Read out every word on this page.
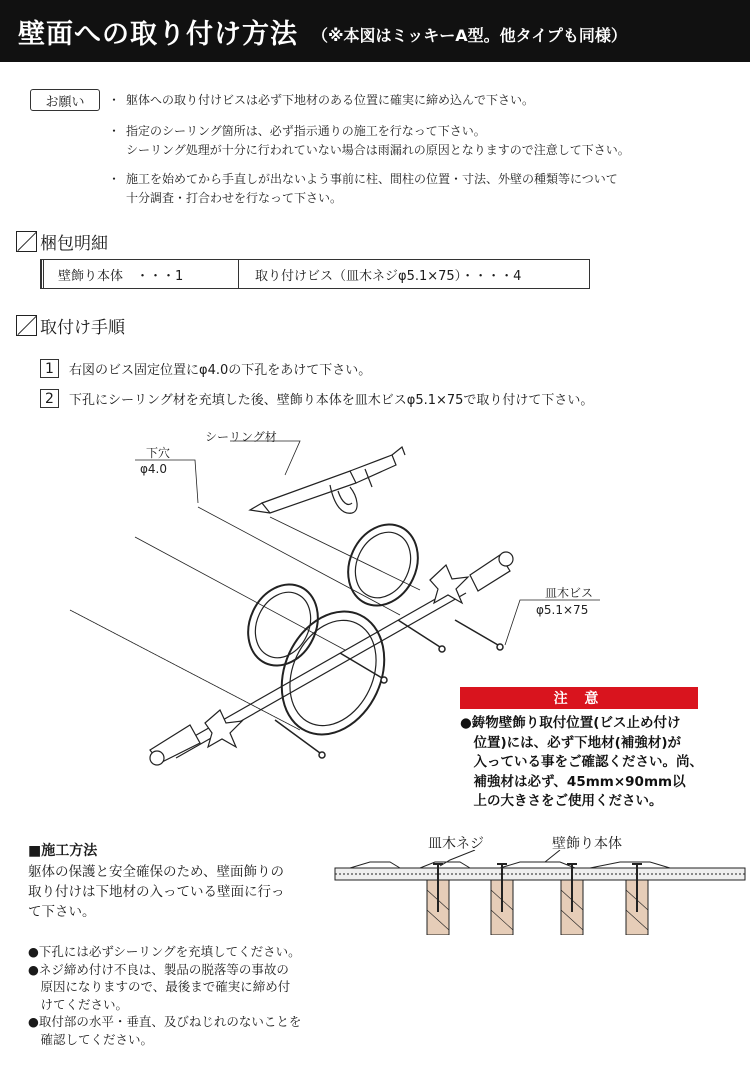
壁面への取り付け方法 （※本図はミッキーA型。他タイプも同様）
お願い	・ 躯体への取り付けビスは必ず下地材のある位置に確実に締め込んで下さい。
・ 指定のシーリング箇所は、必ず指示通りの施工を行なって下さい。
シーリング処理が十分に行われていない場合は雨漏れの原因となりますので注意して下さい。
・ 施工を始めてから手直しが出ないよう事前に柱、間柱の位置・寸法、外壁の種類等について
十分調査・打合わせを行なって下さい。
梱包明細
壁飾り本体　・・・1	取り付けビス（皿木ネジφ5.1×75）・・・・4
取付け手順
1	右図のビス固定位置にφ4.0の下孔をあけて下さい。
2	下孔にシーリング材を充填した後、壁飾り本体を皿木ビスφ5.1×75で取り付けて下さい。
シーリング材
下穴
φ4.0
皿木ビス
φ5.1×75
注 意
●鋳物壁飾り取付位置(ビス止め付け
　位置)には、必ず下地材(補強材)が
　入っている事をご確認ください。尚、
　補強材は必ず、45mm×90mm以
　上の大きさをご使用ください。
■施工方法
躯体の保護と安全確保のため、壁面飾りの
取り付けは下地材の入っている壁面に行っ
て下さい。
●下孔には必ずシーリングを充填してください。
●ネジ締め付け不良は、製品の脱落等の事故の
　原因になりますので、最後まで確実に締め付
　けてください。
●取付部の水平・垂直、及びねじれのないことを
　確認してください。
皿木ネジ	壁飾り本体
